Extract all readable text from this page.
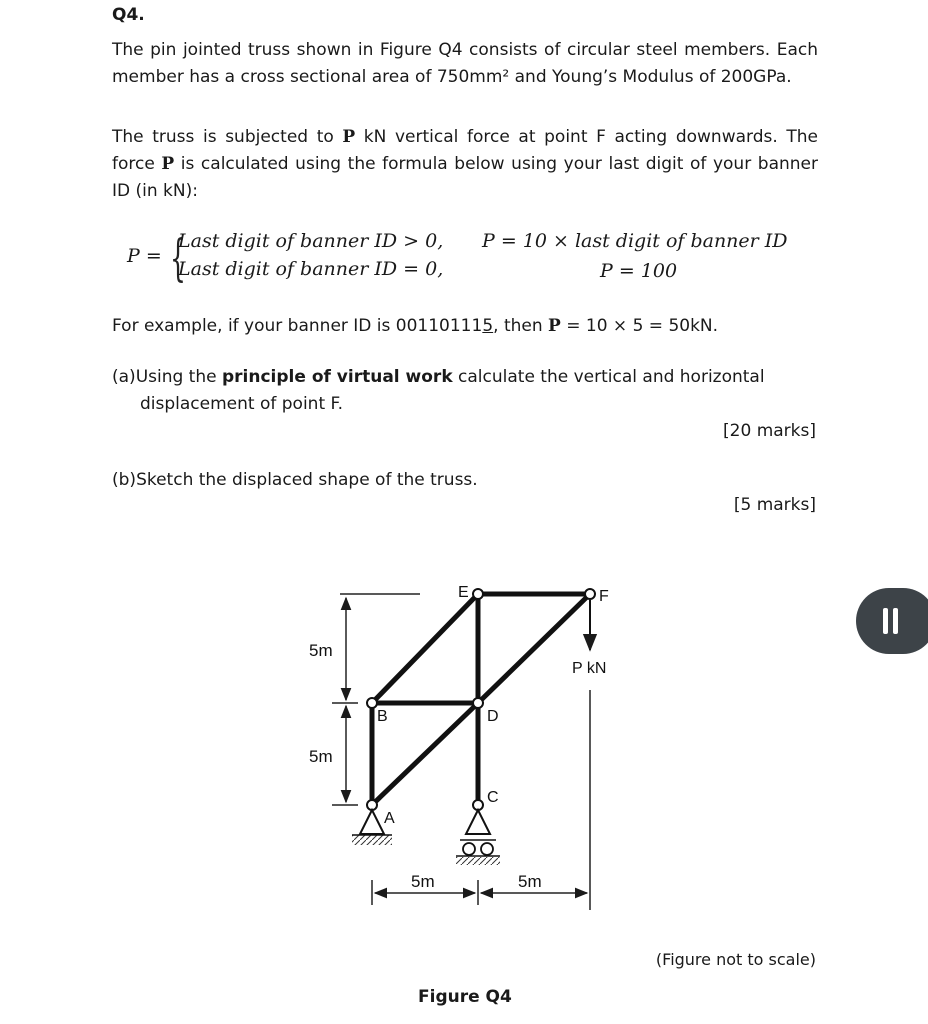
Q4.
The pin jointed truss shown in Figure Q4 consists of circular steel members. Each member has a cross sectional area of 750mm² and Young’s Modulus of 200GPa.
The truss is subjected to P kN vertical force at point F acting downwards. The force P is calculated using the formula below using your last digit of your banner ID (in kN):
P = {
Last digit of banner ID > 0,
Last digit of banner ID = 0,
P = 10 × last digit of banner ID
P = 100
For example, if your banner ID is 001101115, then P = 10 × 5 = 50kN.
(a)Using the principle of virtual work calculate the vertical and horizontal
displacement of point F.
[20 marks]
(b)Sketch the displaced shape of the truss.
[5 marks]
A
B
C
D
E	F
P kN
5m
5m
5m	5m
(Figure not to scale)
Figure Q4
